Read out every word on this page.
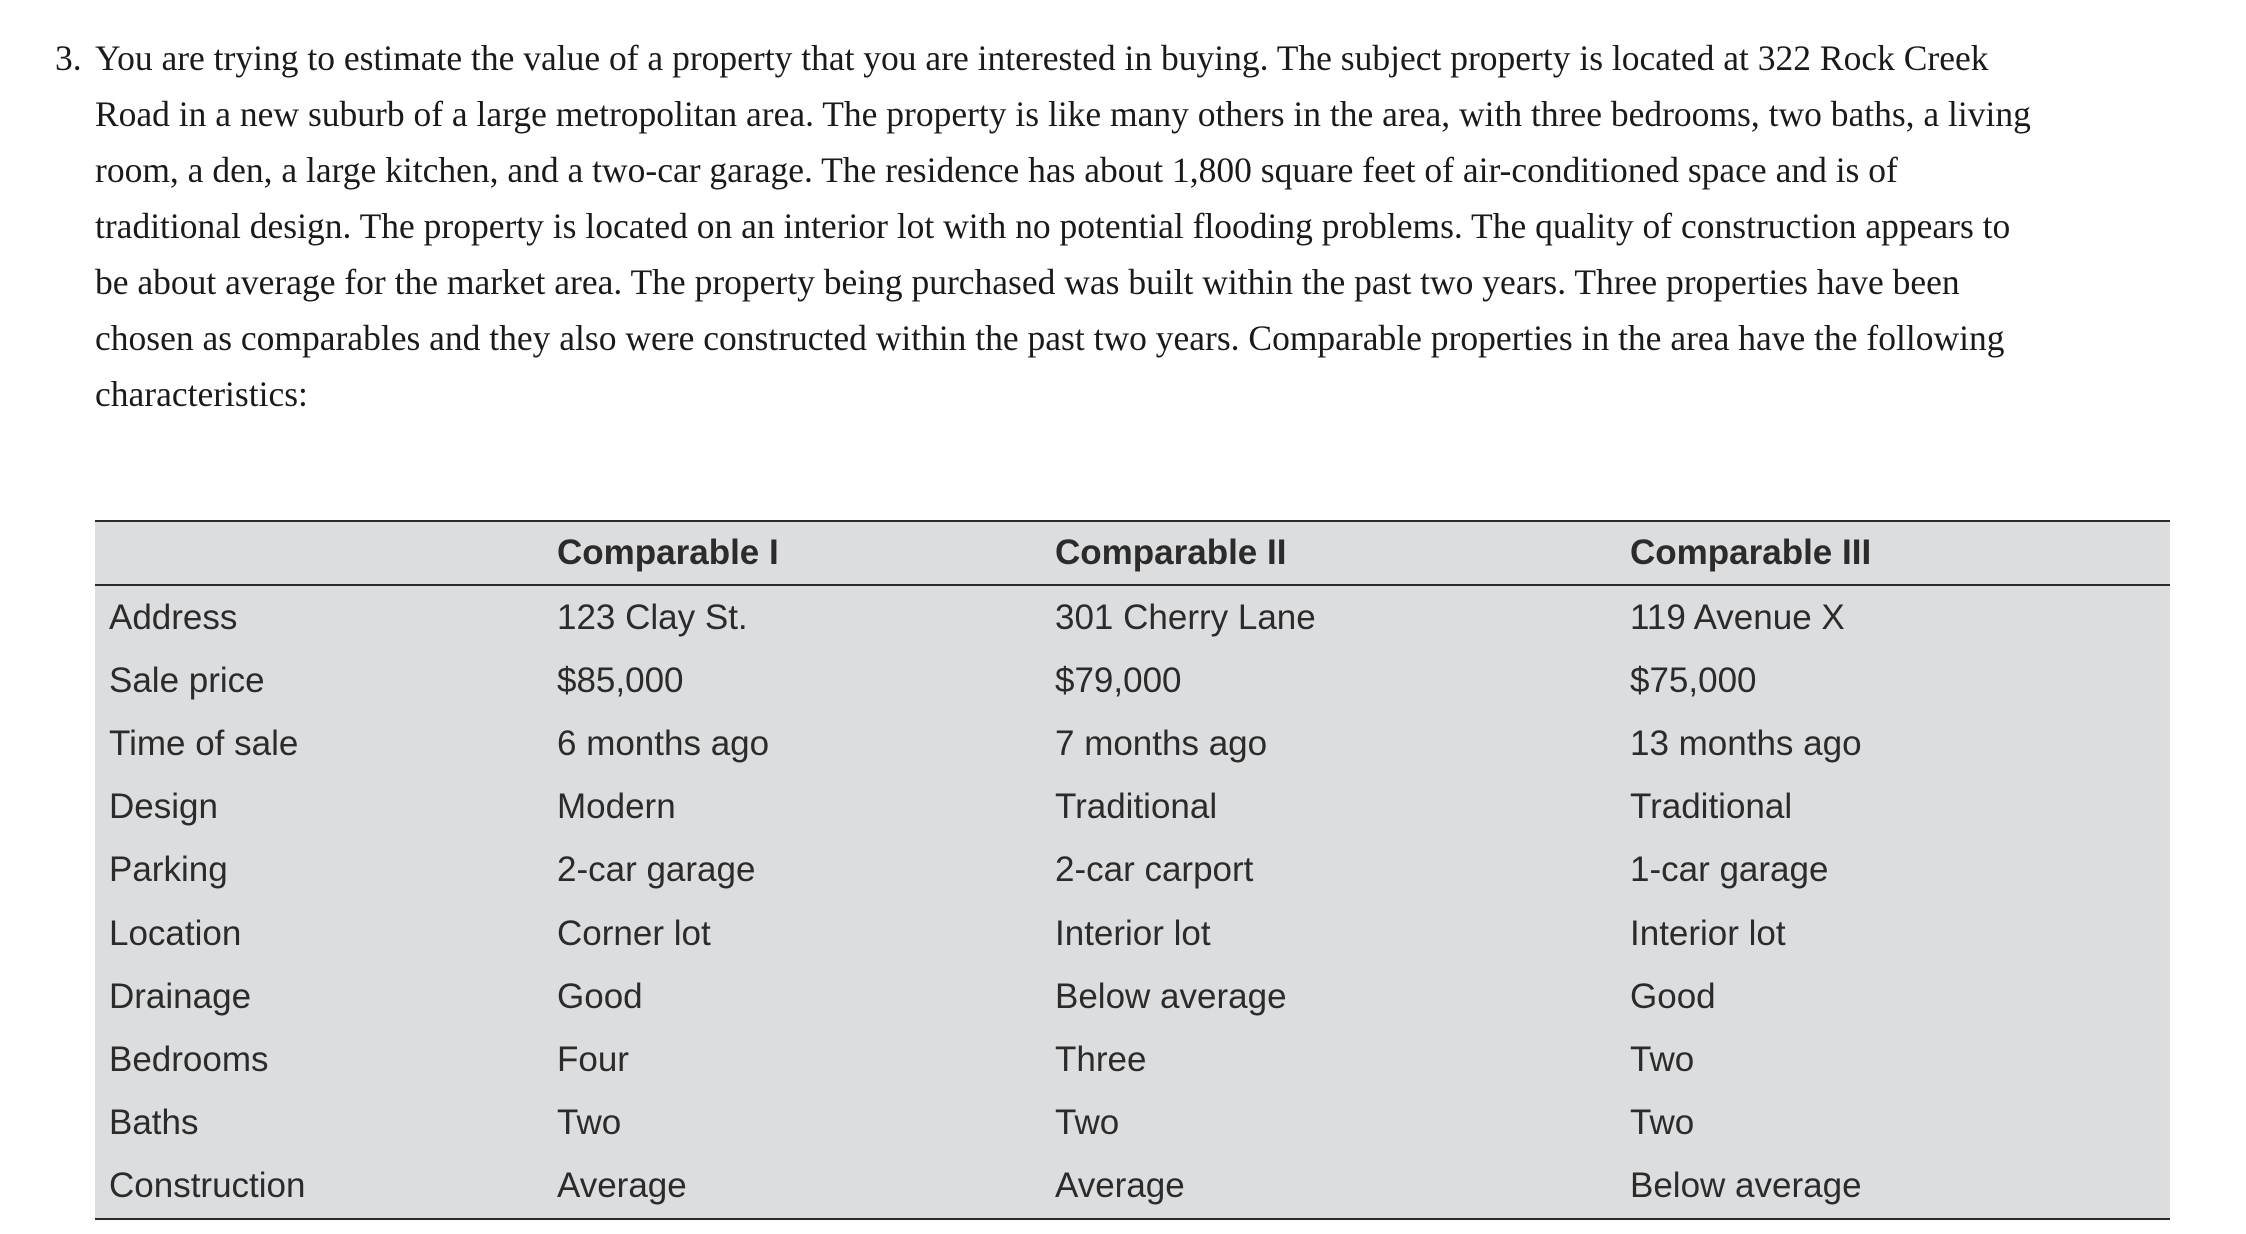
3. You are trying to estimate the value of a property that you are interested in buying. The subject property is located at 322 Rock Creek
Road in a new suburb of a large metropolitan area. The property is like many others in the area, with three bedrooms, two baths, a living
room, a den, a large kitchen, and a two-car garage. The residence has about 1,800 square feet of air-conditioned space and is of
traditional design. The property is located on an interior lot with no potential flooding problems. The quality of construction appears to
be about average for the market area. The property being purchased was built within the past two years. Three properties have been
chosen as comparables and they also were constructed within the past two years. Comparable properties in the area have the following
characteristics:
	Comparable I	Comparable II	Comparable III
Address	123 Clay St.	301 Cherry Lane	119 Avenue X
Sale price	$85,000	$79,000	$75,000
Time of sale	6 months ago	7 months ago	13 months ago
Design	Modern	Traditional	Traditional
Parking	2-car garage	2-car carport	1-car garage
Location	Corner lot	Interior lot	Interior lot
Drainage	Good	Below average	Good
Bedrooms	Four	Three	Two
Baths	Two	Two	Two
Construction	Average	Average	Below average
